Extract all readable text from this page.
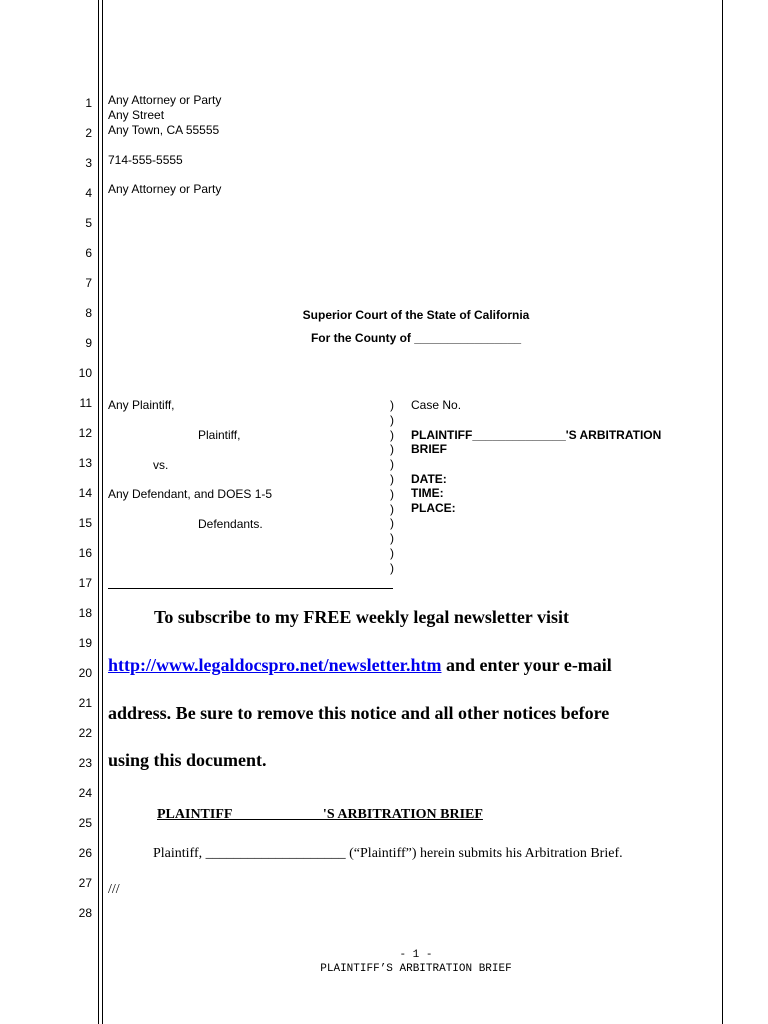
1
2
3
4
5
6
7
8
9
10
11
12
13
14
15
16
17
18
19
20
21
22
23
24
25
26
27
28
Any Attorney or Party
Any Street
Any Town, CA 55555
714-555-5555
Any Attorney or Party
Superior Court of the State of California
For the County of ________________
Any Plaintiff,
Plaintiff,
vs.
Any Defendant, and DOES 1-5
Defendants.
)
)
)
)
)
)
)
)
)
)
)
)
Case No.
PLAINTIFF______________'S ARBITRATION
BRIEF
DATE:
TIME:
PLACE:
To subscribe to my FREE weekly legal newsletter visit
http://www.legaldocspro.net/newsletter.htm and enter your e-mail
address. Be sure to remove this notice and all other notices before
using this document.
PLAINTIFF                          'S ARBITRATION BRIEF
Plaintiff, ____________________ (“Plaintiff”) herein submits his Arbitration Brief.
///
- 1 -
PLAINTIFF’S ARBITRATION BRIEF
